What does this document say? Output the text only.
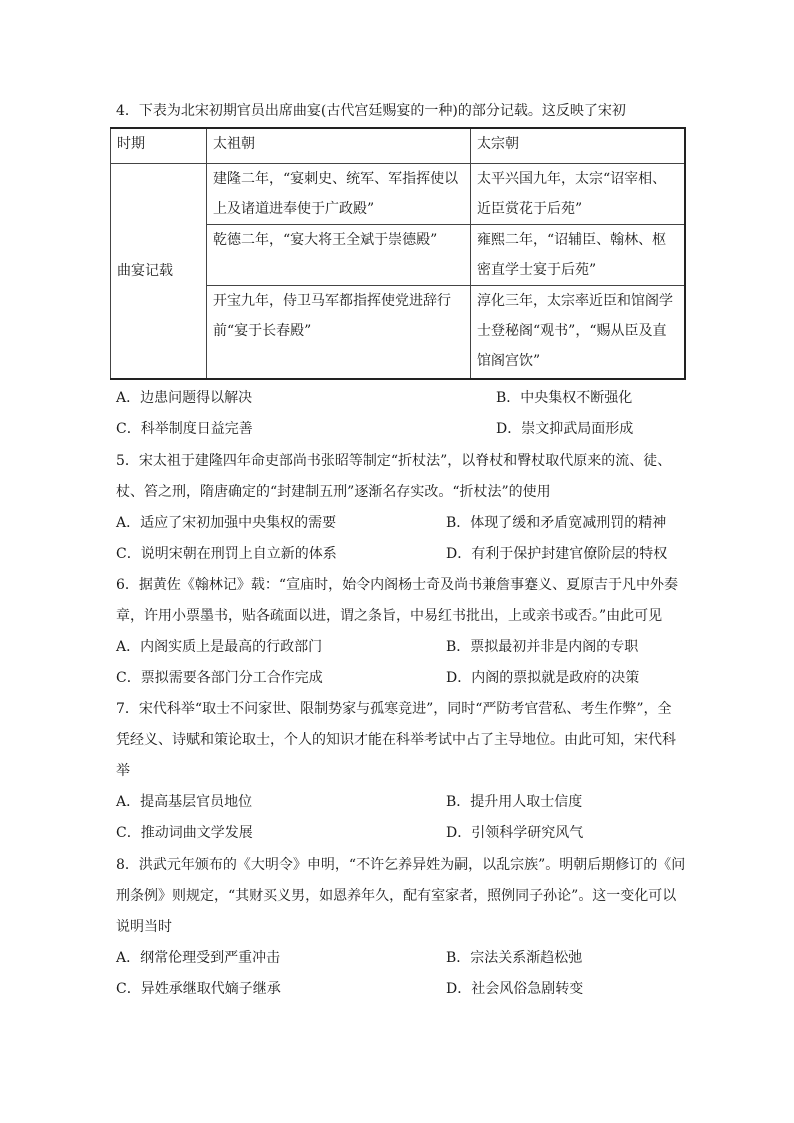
4．下表为北宋初期官员出席曲宴(古代宫廷赐宴的一种)的部分记载。这反映了宋初
时期	太祖朝	太宗朝
曲宴记载	建隆二年，“宴刺史、统军、军指挥使以上及诸道进奉使于广政殿”	太平兴国九年，太宗“诏宰相、近臣赏花于后苑”
	乾德二年，“宴大将王全斌于崇德殿”	雍熙二年，“诏辅臣、翰林、枢密直学士宴于后苑”
	开宝九年，侍卫马军都指挥使党进辞行前“宴于长春殿”	淳化三年，太宗率近臣和馆阁学士登秘阁“观书”，“赐从臣及直馆阁宫饮”
A．边患问题得以解决	B．中央集权不断强化
C．科举制度日益完善	D．崇文抑武局面形成
5．宋太祖于建隆四年命吏部尚书张昭等制定“折杖法”，以脊杖和臀杖取代原来的流、徒、
杖、笞之刑，隋唐确定的“封建制五刑”逐渐名存实改。“折杖法”的使用
A．适应了宋初加强中央集权的需要	B．体现了缓和矛盾宽减刑罚的精神
C．说明宋朝在刑罚上自立新的体系	D．有利于保护封建官僚阶层的特权
6．据黄佐《翰林记》载：“宣庙时，始令内阁杨士奇及尚书兼詹事蹇义、夏原吉于凡中外奏
章，许用小票墨书，贴各疏面以进，谓之条旨，中易红书批出，上或亲书或否。”由此可见
A．内阁实质上是最高的行政部门	B．票拟最初并非是内阁的专职
C．票拟需要各部门分工合作完成	D．内阁的票拟就是政府的决策
7．宋代科举“取士不问家世、限制势家与孤寒竞进”，同时“严防考官营私、考生作弊”，全
凭经义、诗赋和策论取士，个人的知识才能在科举考试中占了主导地位。由此可知，宋代科
举
A．提高基层官员地位	B．提升用人取士信度
C．推动词曲文学发展	D．引领科学研究风气
8．洪武元年颁布的《大明令》申明，“不许乞养异姓为嗣，以乱宗族”。明朝后期修订的《问
刑条例》则规定，“其财买义男，如恩养年久，配有室家者，照例同子孙论”。这一变化可以
说明当时
A．纲常伦理受到严重冲击	B．宗法关系渐趋松弛
C．异姓承继取代嫡子继承	D．社会风俗急剧转变
